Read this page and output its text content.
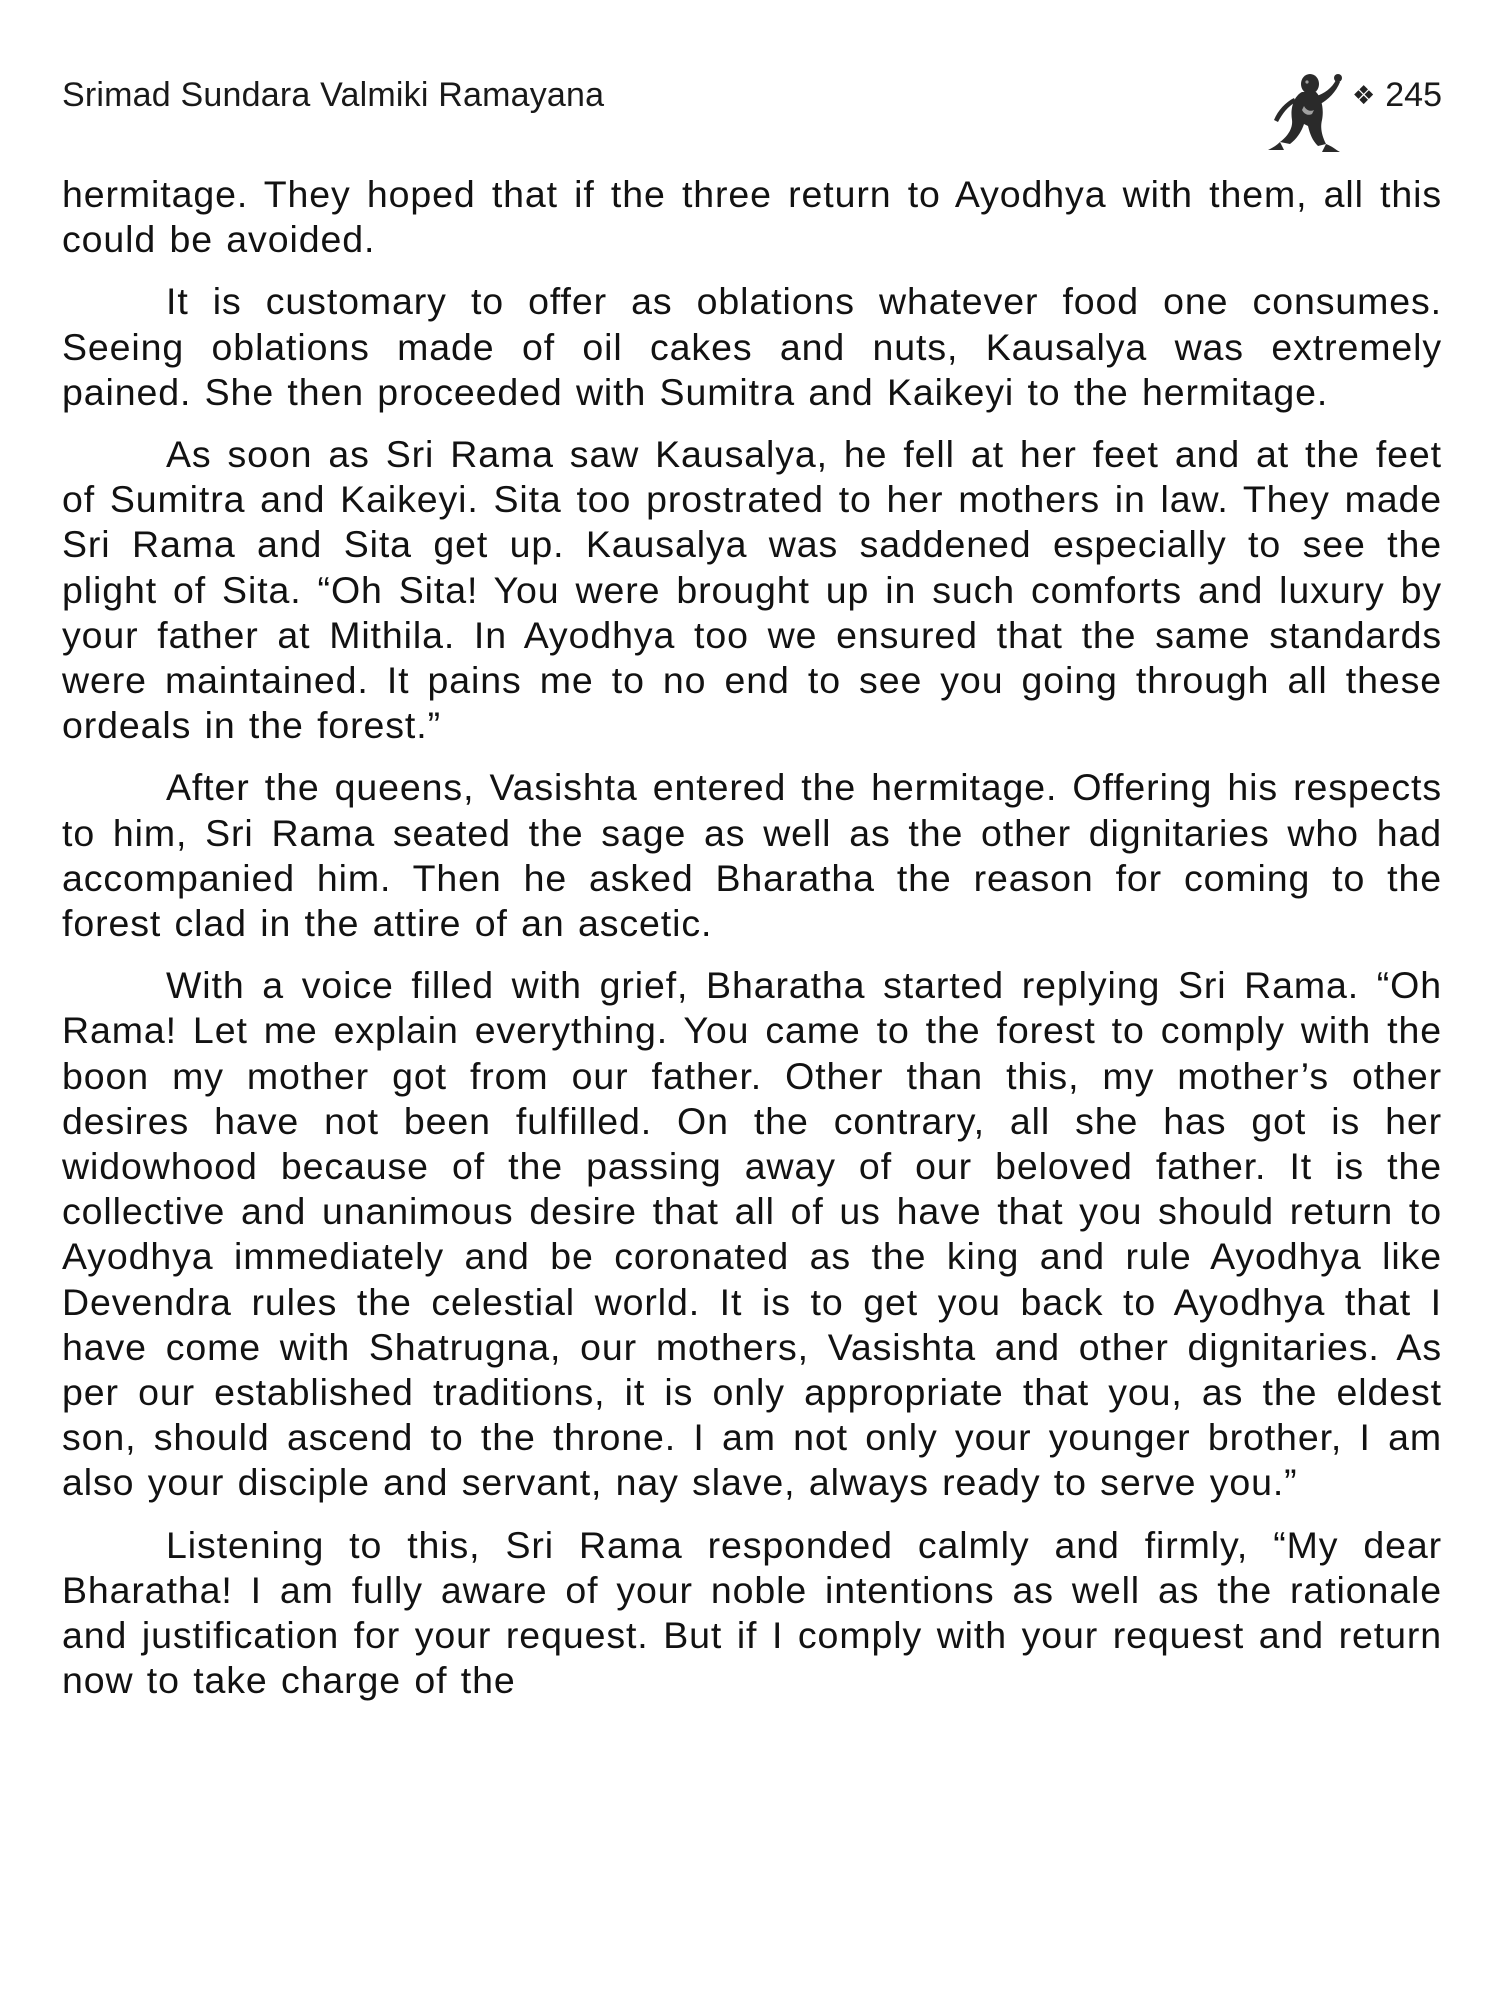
Srimad Sundara Valmiki Ramayana	❖ 245

hermitage. They hoped that if the three return to Ayodhya with them, all this could be avoided.

It is customary to offer as oblations whatever food one consumes. Seeing oblations made of oil cakes and nuts, Kausalya was extremely pained. She then proceeded with Sumitra and Kaikeyi to the hermitage.

As soon as Sri Rama saw Kausalya, he fell at her feet and at the feet of Sumitra and Kaikeyi. Sita too prostrated to her mothers in law. They made Sri Rama and Sita get up. Kausalya was saddened especially to see the plight of Sita. “Oh Sita! You were brought up in such comforts and luxury by your father at Mithila. In Ayodhya too we ensured that the same standards were maintained. It pains me to no end to see you going through all these ordeals in the forest.”

After the queens, Vasishta entered the hermitage. Offering his respects to him, Sri Rama seated the sage as well as the other dignitaries who had accompanied him. Then he asked Bharatha the reason for coming to the forest clad in the attire of an ascetic.

With a voice filled with grief, Bharatha started replying Sri Rama. “Oh Rama! Let me explain everything. You came to the forest to comply with the boon my mother got from our father. Other than this, my mother’s other desires have not been fulfilled. On the contrary, all she has got is her widowhood because of the passing away of our beloved father. It is the collective and unanimous desire that all of us have that you should return to Ayodhya immediately and be coronated as the king and rule Ayodhya like Devendra rules the celestial world. It is to get you back to Ayodhya that I have come with Shatrugna, our mothers, Vasishta and other dignitaries. As per our established traditions, it is only appropriate that you, as the eldest son, should ascend to the throne. I am not only your younger brother, I am also your disciple and servant, nay slave, always ready to serve you.”

Listening to this, Sri Rama responded calmly and firmly, “My dear Bharatha! I am fully aware of your noble intentions as well as the rationale and justification for your request. But if I comply with your request and return now to take charge of the
